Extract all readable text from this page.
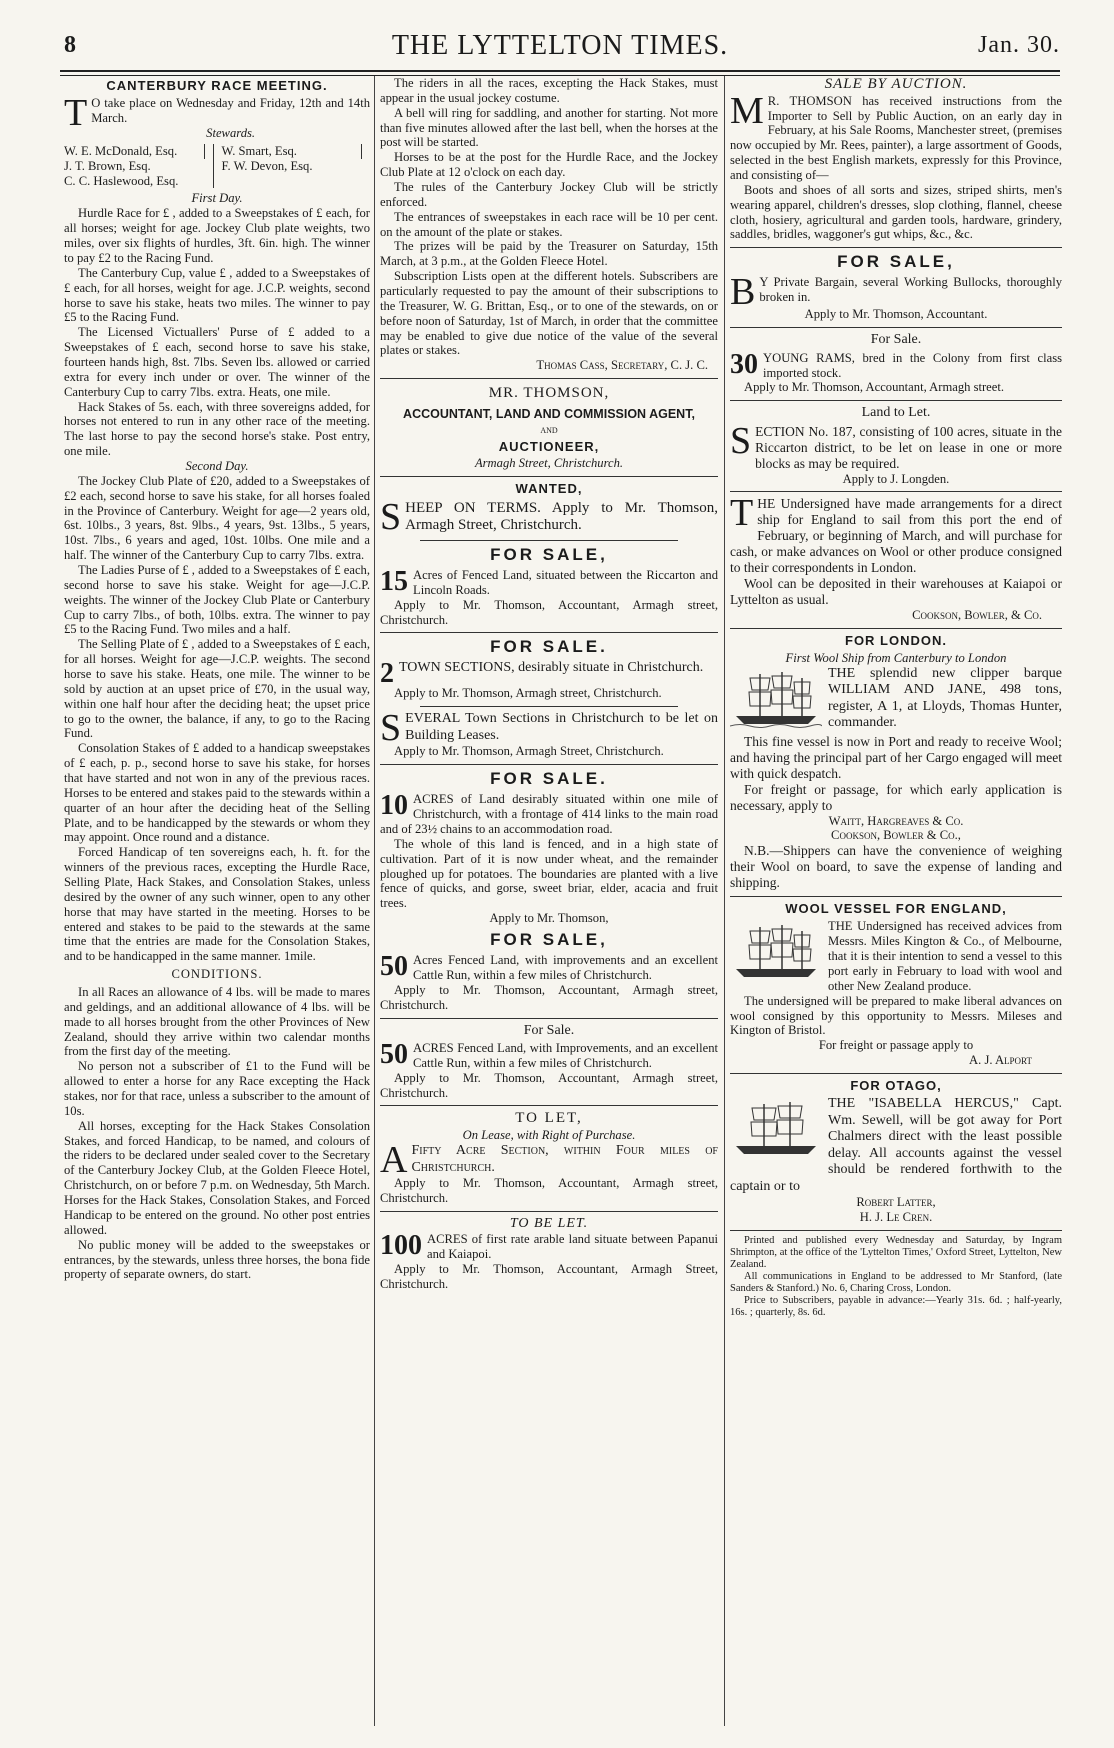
8	THE LYTTELTON TIMES.	Jan. 30.
CANTERBURY RACE MEETING.

T O take place on Wednesday and Friday, 12th and 14th March.

Stewards.

W. E. McDonald, Esq.
J. T. Brown, Esq.
C. C. Haslewood, Esq.
W. Smart, Esq.
F. W. Devon, Esq.

First Day.

Hurdle Race for £ , added to a Sweepstakes of £ each, for all horses; weight for age. Jockey Club plate weights, two miles, over six flights of hurdles, 3ft. 6in. high. The winner to pay £2 to the Racing Fund.

The Canterbury Cup, value £ , added to a Sweepstakes of £ each, for all horses, weight for age. J.C.P. weights, second horse to save his stake, heats two miles. The winner to pay £5 to the Racing Fund.

The Licensed Victuallers' Purse of £ added to a Sweepstakes of £ each, second horse to save his stake, fourteen hands high, 8st. 7lbs. Seven lbs. allowed or carried extra for every inch under or over. The winner of the Canterbury Cup to carry 7lbs. extra. Heats, one mile.

Hack Stakes of 5s. each, with three sovereigns added, for horses not entered to run in any other race of the meeting. The last horse to pay the second horse's stake. Post entry, one mile.

Second Day.

The Jockey Club Plate of £20, added to a Sweepstakes of £2 each, second horse to save his stake, for all horses foaled in the Province of Canterbury. Weight for age—2 years old, 6st. 10lbs., 3 years, 8st. 9lbs., 4 years, 9st. 13lbs., 5 years, 10st. 7lbs., 6 years and aged, 10st. 10lbs. One mile and a half. The winner of the Canterbury Cup to carry 7lbs. extra.

The Ladies Purse of £ , added to a Sweepstakes of £ each, second horse to save his stake. Weight for age—J.C.P. weights. The winner of the Jockey Club Plate or Canterbury Cup to carry 7lbs., of both, 10lbs. extra. The winner to pay £5 to the Racing Fund. Two miles and a half.

The Selling Plate of £ , added to a Sweepstakes of £ each, for all horses. Weight for age—J.C.P. weights. The second horse to save his stake. Heats, one mile. The winner to be sold by auction at an upset price of £70, in the usual way, within one half hour after the deciding heat; the upset price to go to the owner, the balance, if any, to go to the Racing Fund.

Consolation Stakes of £ added to a handicap sweepstakes of £ each, p. p., second horse to save his stake, for horses that have started and not won in any of the previous races. Horses to be entered and stakes paid to the stewards within a quarter of an hour after the deciding heat of the Selling Plate, and to be handicapped by the stewards or whom they may appoint. Once round and a distance.

Forced Handicap of ten sovereigns each, h. ft. for the winners of the previous races, excepting the Hurdle Race, Selling Plate, Hack Stakes, and Consolation Stakes, unless desired by the owner of any such winner, open to any other horse that may have started in the meeting. Horses to be entered and stakes to be paid to the stewards at the same time that the entries are made for the Consolation Stakes, and to be handicapped in the same manner. 1mile.

CONDITIONS.

In all Races an allowance of 4 lbs. will be made to mares and geldings, and an additional allowance of 4 lbs. will be made to all horses brought from the other Provinces of New Zealand, should they arrive within two calendar months from the first day of the meeting.

No person not a subscriber of £1 to the Fund will be allowed to enter a horse for any Race excepting the Hack stakes, nor for that race, unless a subscriber to the amount of 10s.

All horses, excepting for the Hack Stakes Consolation Stakes, and forced Handicap, to be named, and colours of the riders to be declared under sealed cover to the Secretary of the Canterbury Jockey Club, at the Golden Fleece Hotel, Christchurch, on or before 7 p.m. on Wednesday, 5th March. Horses for the Hack Stakes, Consolation Stakes, and Forced Handicap to be entered on the ground. No other post entries allowed.

No public money will be added to the sweepstakes or entrances, by the stewards, unless three horses, the bona fide property of separate owners, do start.

The riders in all the races, excepting the Hack Stakes, must appear in the usual jockey costume.

A bell will ring for saddling, and another for starting. Not more than five minutes allowed after the last bell, when the horses at the post will be started.

Horses to be at the post for the Hurdle Race, and the Jockey Club Plate at 12 o'clock on each day.

The rules of the Canterbury Jockey Club will be strictly enforced.

The entrances of sweepstakes in each race will be 10 per cent. on the amount of the plate or stakes.

The prizes will be paid by the Treasurer on Saturday, 15th March, at 3 p.m., at the Golden Fleece Hotel.

Subscription Lists open at the different hotels. Subscribers are particularly requested to pay the amount of their subscriptions to the Treasurer, W. G. Brittan, Esq., or to one of the stewards, on or before noon of Saturday, 1st of March, in order that the committee may be enabled to give due notice of the value of the several plates or stakes.

Thomas Cass, Secretary, C. J. C.

MR. THOMSON,

ACCOUNTANT, LAND AND COMMISSION AGENT,

AND

AUCTIONEER,

Armagh Street, Christchurch.

WANTED,

SHEEP ON TERMS. Apply to Mr. Thomson, Armagh Street, Christchurch.

FOR SALE,

15 Acres of Fenced Land, situated between the Riccarton and Lincoln Roads.

Apply to Mr. Thomson, Accountant, Armagh street, Christchurch.

FOR SALE.

2 TOWN SECTIONS, desirably situate in Christchurch.

Apply to Mr. Thomson, Armagh street, Christchurch.

SEVERAL Town Sections in Christchurch to be let on Building Leases.

Apply to Mr. Thomson, Armagh Street, Christchurch.

FOR SALE.

10 ACRES of Land desirably situated within one mile of Christchurch, with a frontage of 414 links to the main road and of 23½ chains to an accommodation road.

The whole of this land is fenced, and in a high state of cultivation. Part of it is now under wheat, and the remainder ploughed up for potatoes. The boundaries are planted with a live fence of quicks, and gorse, sweet briar, elder, acacia and fruit trees.

Apply to Mr. Thomson,

FOR SALE,

50 Acres Fenced Land, with improvements and an excellent Cattle Run, within a few miles of Christchurch.

Apply to Mr. Thomson, Accountant, Armagh street, Christchurch.

For Sale.

50 ACRES Fenced Land, with Improvements, and an excellent Cattle Run, within a few miles of Christchurch.

Apply to Mr. Thomson, Accountant, Armagh street, Christchurch.

TO LET,

On Lease, with Right of Purchase.

A Fifty Acre Section, within Four miles of Christchurch.

Apply to Mr. Thomson, Accountant, Armagh street, Christchurch.

TO BE LET.

100 ACRES of first rate arable land situate between Papanui and Kaiapoi.

Apply to Mr. Thomson, Accountant, Armagh Street, Christchurch.

SALE BY AUCTION.

M R. THOMSON has received instructions from the Importer to Sell by Public Auction, on an early day in February, at his Sale Rooms, Manchester street, (premises now occupied by Mr. Rees, painter), a large assortment of Goods, selected in the best English markets, expressly for this Province, and consisting of—

Boots and shoes of all sorts and sizes, striped shirts, men's wearing apparel, children's dresses, slop clothing, flannel, cheese cloth, hosiery, agricultural and garden tools, hardware, grindery, saddles, bridles, waggoner's gut whips, &c., &c.

FOR SALE,

B Y Private Bargain, several Working Bullocks, thoroughly broken in.

Apply to Mr. Thomson, Accountant.

For Sale.

30 YOUNG RAMS, bred in the Colony from first class imported stock.

Apply to Mr. Thomson, Accountant, Armagh street.

Land to Let.

SECTION No. 187, consisting of 100 acres, situate in the Riccarton district, to be let on lease in one or more blocks as may be required.

Apply to J. Longden.

THE Undersigned have made arrangements for a direct ship for England to sail from this port the end of February, or beginning of March, and will purchase for cash, or make advances on Wool or other produce consigned to their correspondents in London.

Wool can be deposited in their warehouses at Kaiapoi or Lyttelton as usual.

Cookson, Bowler, & Co.

FOR LONDON.

First Wool Ship from Canterbury to London

THE splendid new clipper barque WILLIAM AND JANE, 498 tons, register, A 1, at Lloyds, Thomas Hunter, commander.

This fine vessel is now in Port and ready to receive Wool; and having the principal part of her Cargo engaged will meet with quick despatch.

For freight or passage, for which early application is necessary, apply to

Waitt, Hargreaves & Co.

Cookson, Bowler & Co.,

N.B.—Shippers can have the convenience of weighing their Wool on board, to save the expense of landing and shipping.

WOOL VESSEL FOR ENGLAND,

THE Undersigned has received advices from Messrs. Miles Kington & Co., of Melbourne, that it is their intention to send a vessel to this port early in February to load with wool and other New Zealand produce.

The undersigned will be prepared to make liberal advances on wool consigned by this opportunity to Messrs. Mileses and Kington of Bristol.

For freight or passage apply to

A. J. Alport

FOR OTAGO,

THE "ISABELLA HERCUS," Capt. Wm. Sewell, will be got away for Port Chalmers direct with the least possible delay. All accounts against the vessel should be rendered forthwith to the captain or to

Robert Latter,

H. J. Le Cren.

Printed and published every Wednesday and Saturday, by Ingram Shrimpton, at the office of the 'Lyttelton Times,' Oxford Street, Lyttelton, New Zealand.

All communications in England to be addressed to Mr Stanford, (late Sanders & Stanford.) No. 6, Charing Cross, London.

Price to Subscribers, payable in advance:—Yearly 31s. 6d. ; half-yearly, 16s. ; quarterly, 8s. 6d.
